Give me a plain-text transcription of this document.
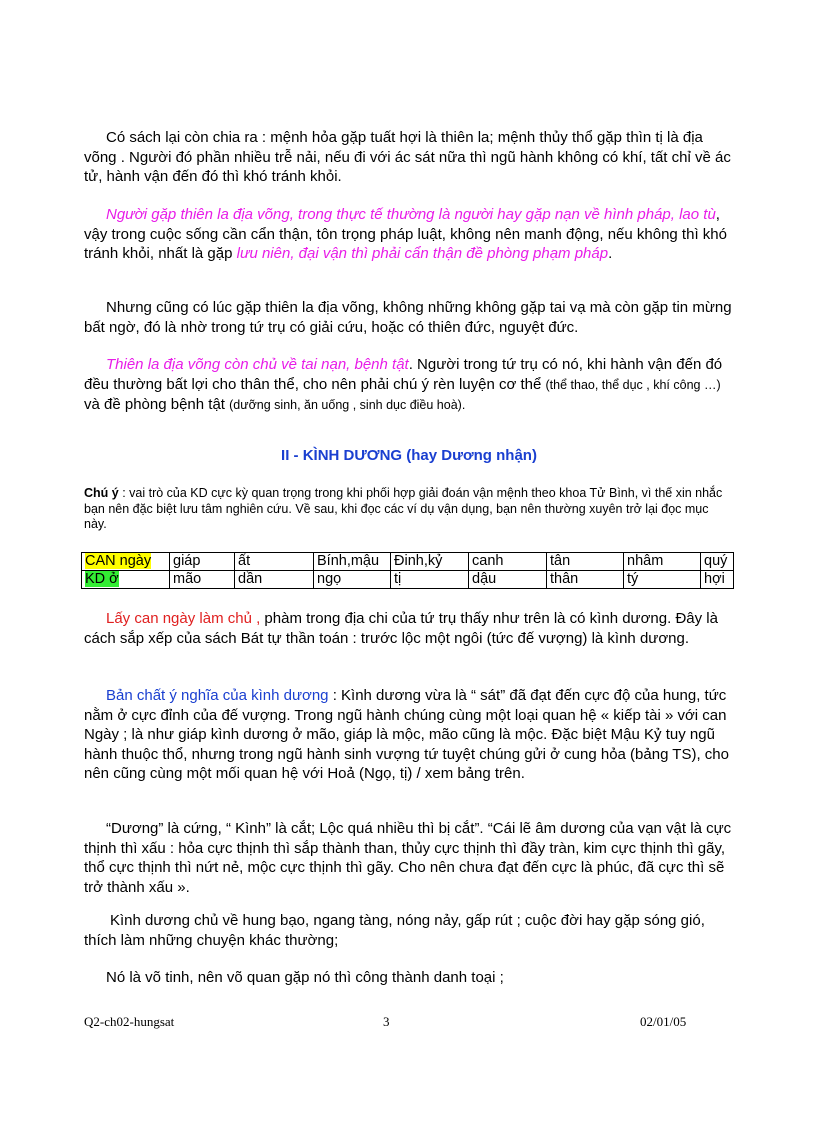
Có sách lại còn chia ra : mệnh hỏa gặp tuất hợi là thiên la; mệnh thủy thổ gặp thìn tị là địa võng . Người đó phần nhiều trễ nải, nếu đi với ác sát nữa thì ngũ hành không có khí, tất chỉ về ác tử, hành vận đến đó thì khó tránh khỏi.

Người gặp thiên la địa võng, trong thực tế thường là người hay gặp nạn về hình pháp, lao tù, vậy trong cuộc sống cần cẩn thận, tôn trọng pháp luật, không nên manh động, nếu không thì khó tránh khỏi, nhất là gặp lưu niên, đại vận thì phải cẩn thận đề phòng phạm pháp.

Nhưng cũng có lúc gặp thiên la địa võng, không những không gặp tai vạ mà còn gặp tin mừng bất ngờ, đó là nhờ trong tứ trụ có giải cứu, hoặc có thiên đức, nguyệt đức.

Thiên la địa võng còn chủ về tai nạn, bệnh tật. Người trong tứ trụ có nó, khi hành vận đến đó đều thường bất lợi cho thân thể, cho nên phải chú ý rèn luyện cơ thể (thể thao, thể dục , khí công …) và đề phòng bệnh tật (dưỡng sinh, ăn uống , sinh dục điều hoà).

II - KÌNH DƯƠNG (hay Dương nhận)
Chú ý : vai trò của KD cực kỳ quan trọng trong khi phối hợp giải đoán vận mệnh theo khoa Tử Bình, vì thế xin nhắc bạn nên đặc biệt lưu tâm nghiên cứu. Về sau, khi đọc các ví dụ vận dụng, bạn nên thường xuyên trở lại đọc mục này.
CAN ngày	giáp	ất	Bính,mậu	Đinh,kỷ	canh	tân	nhâm	quý
KD ở	mão	dần	ngọ	tị	dậu	thân	tý	hợi

Lấy can ngày làm chủ , phàm trong địa chi của tứ trụ thấy như trên là có kình dương. Đây là cách sắp xếp của sách Bát tự thần toán : trước lộc một ngôi (tức đế vượng) là kình dương.

Bản chất ý nghĩa của kình dương : Kình dương vừa là “ sát” đã đạt đến cực độ của hung, tức nằm ở cực đỉnh của đế vượng. Trong ngũ hành chúng cùng một loại quan hệ « kiếp tài » với can Ngày ; là như giáp kình dương ở mão, giáp là mộc, mão cũng là mộc. Đặc biệt Mậu Kỷ tuy ngũ hành thuộc thổ, nhưng trong ngũ hành sinh vượng tứ tuyệt chúng gửi ở cung hỏa (bảng TS), cho nên cũng cùng một mối quan hệ với Hoả (Ngọ, tị) / xem bảng trên.

“Dương” là cứng, “ Kình” là cắt; Lộc quá nhiều thì bị cắt”. “Cái lẽ âm dương của vạn vật là cực thịnh thì xấu : hỏa cực thịnh thì sắp thành than, thủy cực thịnh thì đầy tràn, kim cực thịnh thì gãy, thổ cực thịnh thì nứt nẻ, mộc cực thịnh thì gãy. Cho nên chưa đạt đến cực là phúc, đã cực thì sẽ trở thành xấu ».

Kình dương chủ về hung bạo, ngang tàng, nóng nảy, gấp rút ; cuộc đời hay gặp sóng gió, thích làm những chuyện khác thường;

Nó là võ tinh, nên võ quan gặp nó thì công thành danh toại ;

Q2-ch02-hungsat	3	02/01/05
